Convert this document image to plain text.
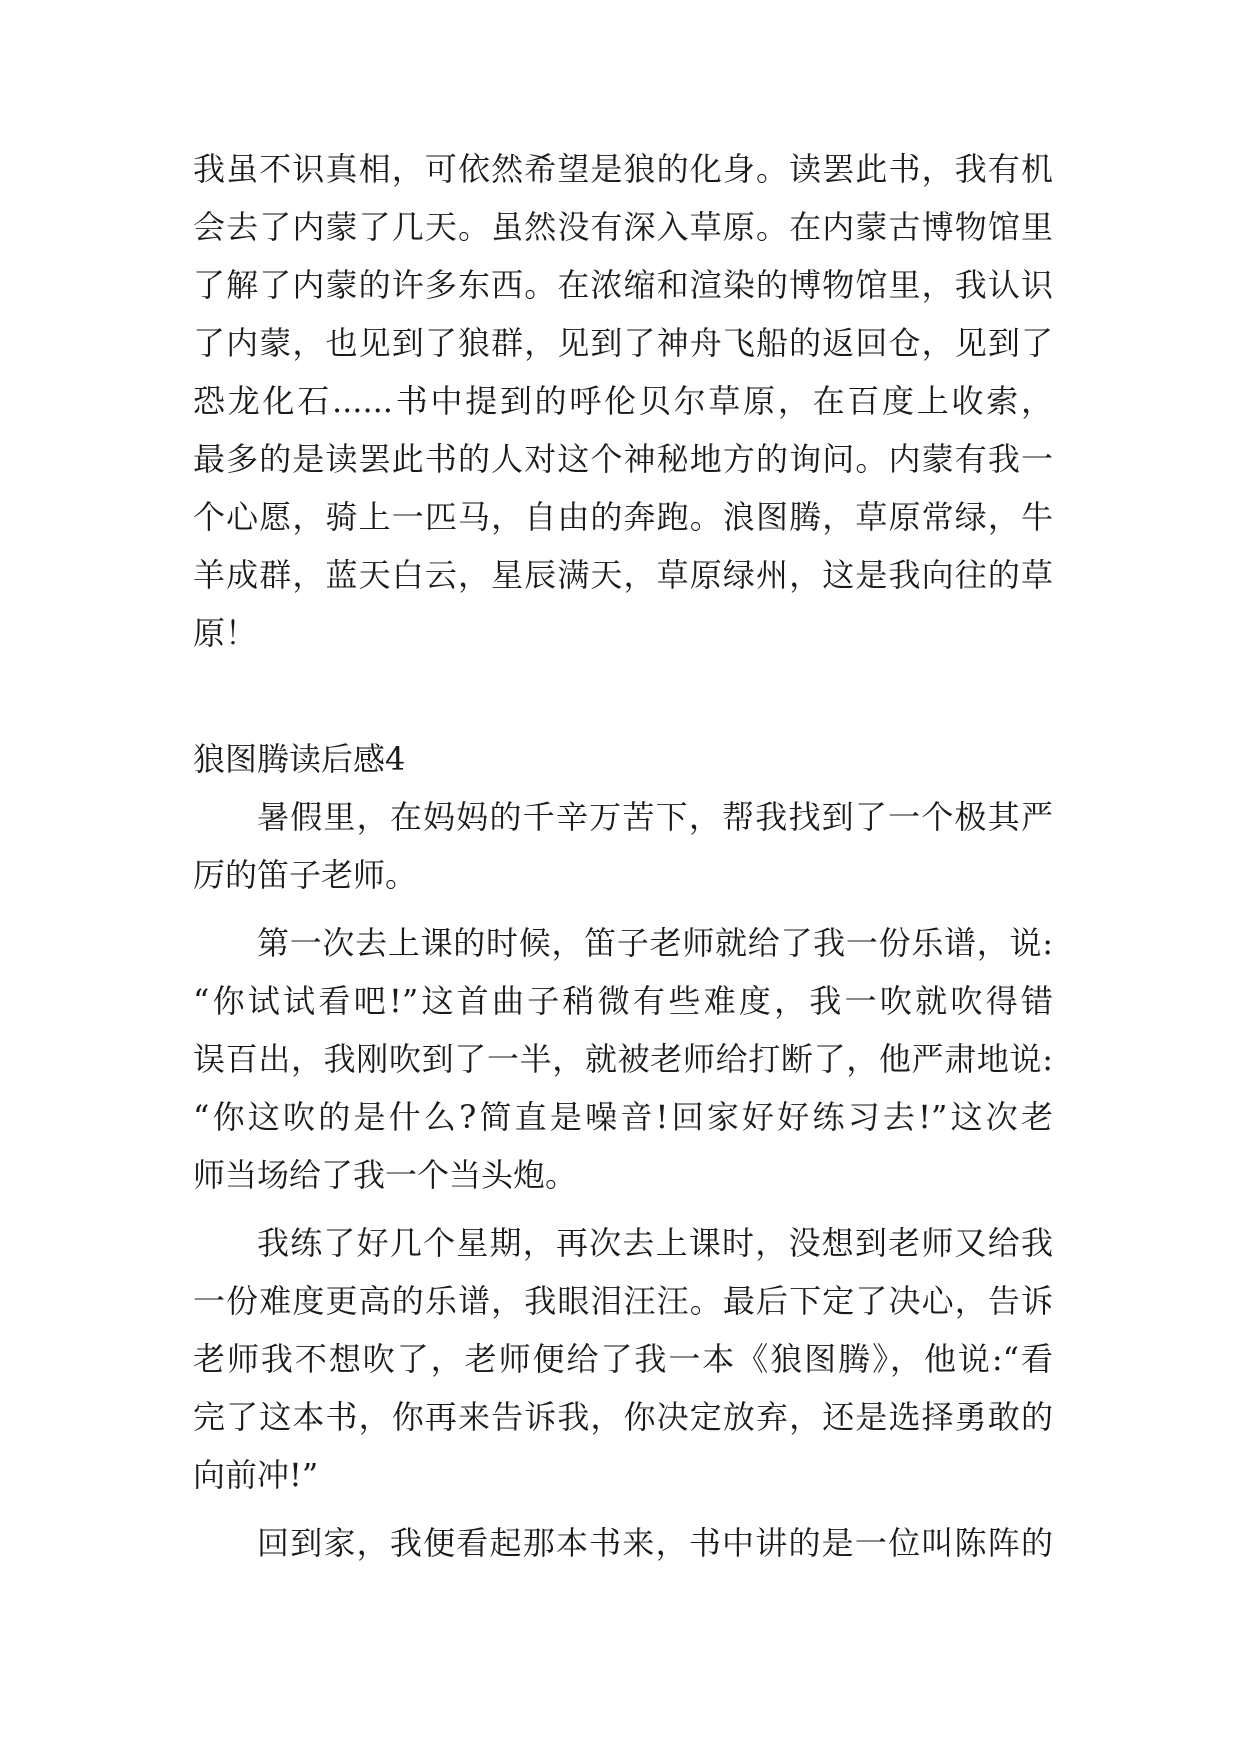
我虽不识真相，可依然希望是狼的化身。读罢此书，我有机
会去了内蒙了几天。虽然没有深入草原。在内蒙古博物馆里
了解了内蒙的许多东西。在浓缩和渲染的博物馆里，我认识
了内蒙，也见到了狼群，见到了神舟飞船的返回仓，见到了
恐龙化石......书中提到的呼伦贝尔草原，在百度上收索，
最多的是读罢此书的人对这个神秘地方的询问。内蒙有我一
个心愿，骑上一匹马，自由的奔跑。浪图腾，草原常绿，牛
羊成群，蓝天白云，星辰满天，草原绿州，这是我向往的草
原！
狼图腾读后感4
暑假里，在妈妈的千辛万苦下，帮我找到了一个极其严
厉的笛子老师。
第一次去上课的时候，笛子老师就给了我一份乐谱，说:
“你试试看吧!”这首曲子稍微有些难度，我一吹就吹得错
误百出，我刚吹到了一半，就被老师给打断了，他严肃地说:
“你这吹的是什么?简直是噪音!回家好好练习去!”这次老
师当场给了我一个当头炮。
我练了好几个星期，再次去上课时，没想到老师又给我
一份难度更高的乐谱，我眼泪汪汪。最后下定了决心，告诉
老师我不想吹了，老师便给了我一本《狼图腾》，他说:“看
完了这本书，你再来告诉我，你决定放弃，还是选择勇敢的
向前冲!”
回到家，我便看起那本书来，书中讲的是一位叫陈阵的
